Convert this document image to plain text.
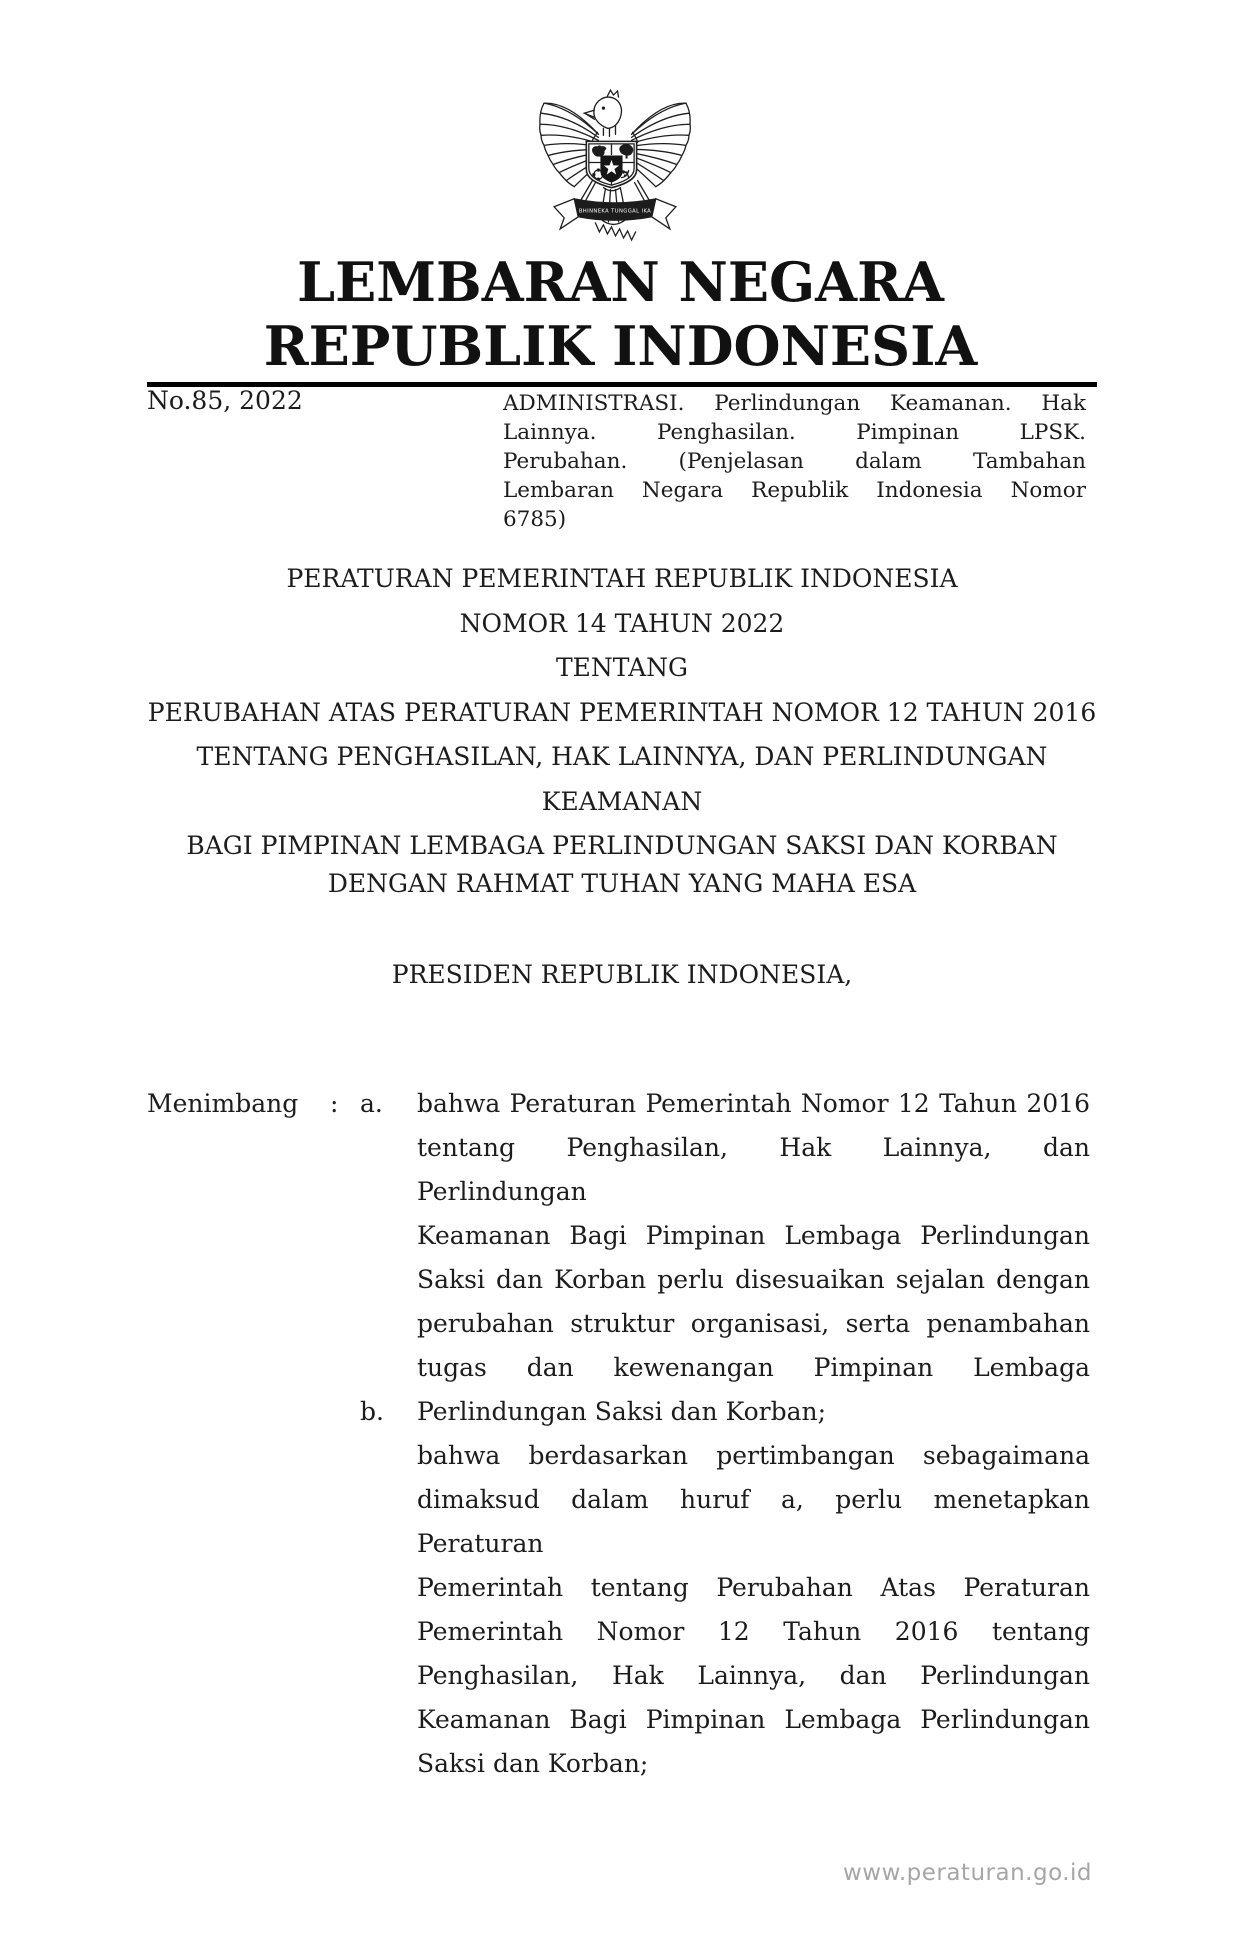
BHINNEKA TUNGGAL IKA
LEMBARAN NEGARA
REPUBLIK INDONESIA
No.85, 2022	ADMINISTRASI. Perlindungan Keamanan. Hak
Lainnya. Penghasilan. Pimpinan LPSK.
Perubahan. (Penjelasan dalam Tambahan
Lembaran Negara Republik Indonesia Nomor
6785)
PERATURAN PEMERINTAH REPUBLIK INDONESIA
NOMOR 14 TAHUN 2022
TENTANG
PERUBAHAN ATAS PERATURAN PEMERINTAH NOMOR 12 TAHUN 2016
TENTANG PENGHASILAN, HAK LAINNYA, DAN PERLINDUNGAN KEAMANAN
BAGI PIMPINAN LEMBAGA PERLINDUNGAN SAKSI DAN KORBAN
DENGAN RAHMAT TUHAN YANG MAHA ESA
PRESIDEN REPUBLIK INDONESIA,
Menimbang : a.
b.
bahwa Peraturan Pemerintah Nomor 12 Tahun 2016
tentang Penghasilan, Hak Lainnya, dan Perlindungan
Keamanan Bagi Pimpinan Lembaga Perlindungan
Saksi dan Korban perlu disesuaikan sejalan dengan
perubahan struktur organisasi, serta penambahan
tugas dan kewenangan Pimpinan Lembaga
Perlindungan Saksi dan Korban;
bahwa berdasarkan pertimbangan sebagaimana
dimaksud dalam huruf a, perlu menetapkan Peraturan
Pemerintah tentang Perubahan Atas Peraturan
Pemerintah Nomor 12 Tahun 2016 tentang
Penghasilan, Hak Lainnya, dan Perlindungan
Keamanan Bagi Pimpinan Lembaga Perlindungan
Saksi dan Korban;
www.peraturan.go.id
